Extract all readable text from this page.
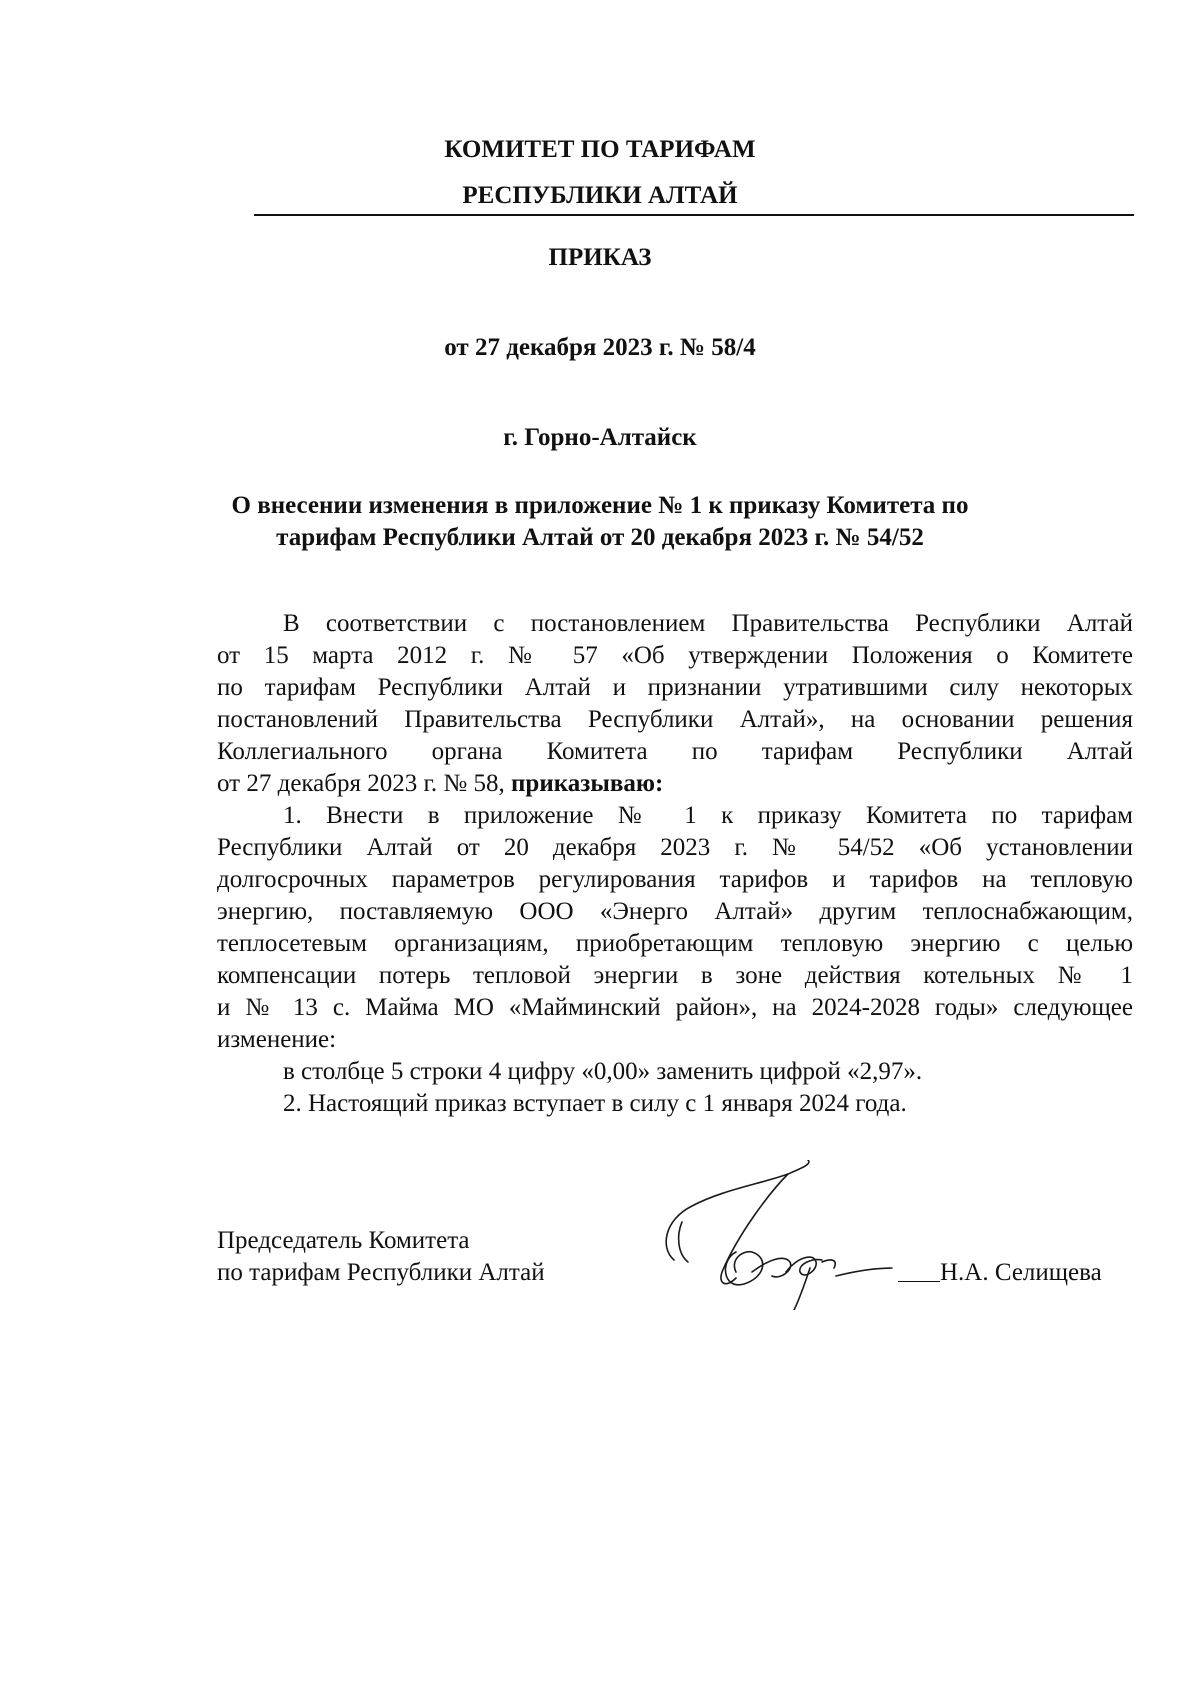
КОМИТЕТ ПО ТАРИФАМ
РЕСПУБЛИКИ АЛТАЙ
ПРИКАЗ
от 27 декабря 2023 г. № 58/4
г. Горно-Алтайск
О внесении изменения в приложение № 1 к приказу Комитета по
тарифам Республики Алтай от 20 декабря 2023 г. № 54/52
В соответствии с постановлением Правительства Республики Алтай
от 15 марта 2012 г. № 57 «Об утверждении Положения о Комитете
по тарифам Республики Алтай и признании утратившими силу некоторых
постановлений Правительства Республики Алтай», на основании решения
Коллегиального органа Комитета по тарифам Республики Алтай
от 27 декабря 2023 г. № 58, приказываю:
1. Внести в приложение № 1 к приказу Комитета по тарифам
Республики Алтай от 20 декабря 2023 г. № 54/52 «Об установлении
долгосрочных параметров регулирования тарифов и тарифов на тепловую
энергию, поставляемую ООО «Энерго Алтай» другим теплоснабжающим,
теплосетевым организациям, приобретающим тепловую энергию с целью
компенсации потерь тепловой энергии в зоне действия котельных № 1
и № 13 с. Майма МО «Майминский район», на 2024-2028 годы» следующее
изменение:
в столбце 5 строки 4 цифру «0,00» заменить цифрой «2,97».
2. Настоящий приказ вступает в силу с 1 января 2024 года.
Председатель Комитета
по тарифам Республики Алтай	Н.А. Селищева
